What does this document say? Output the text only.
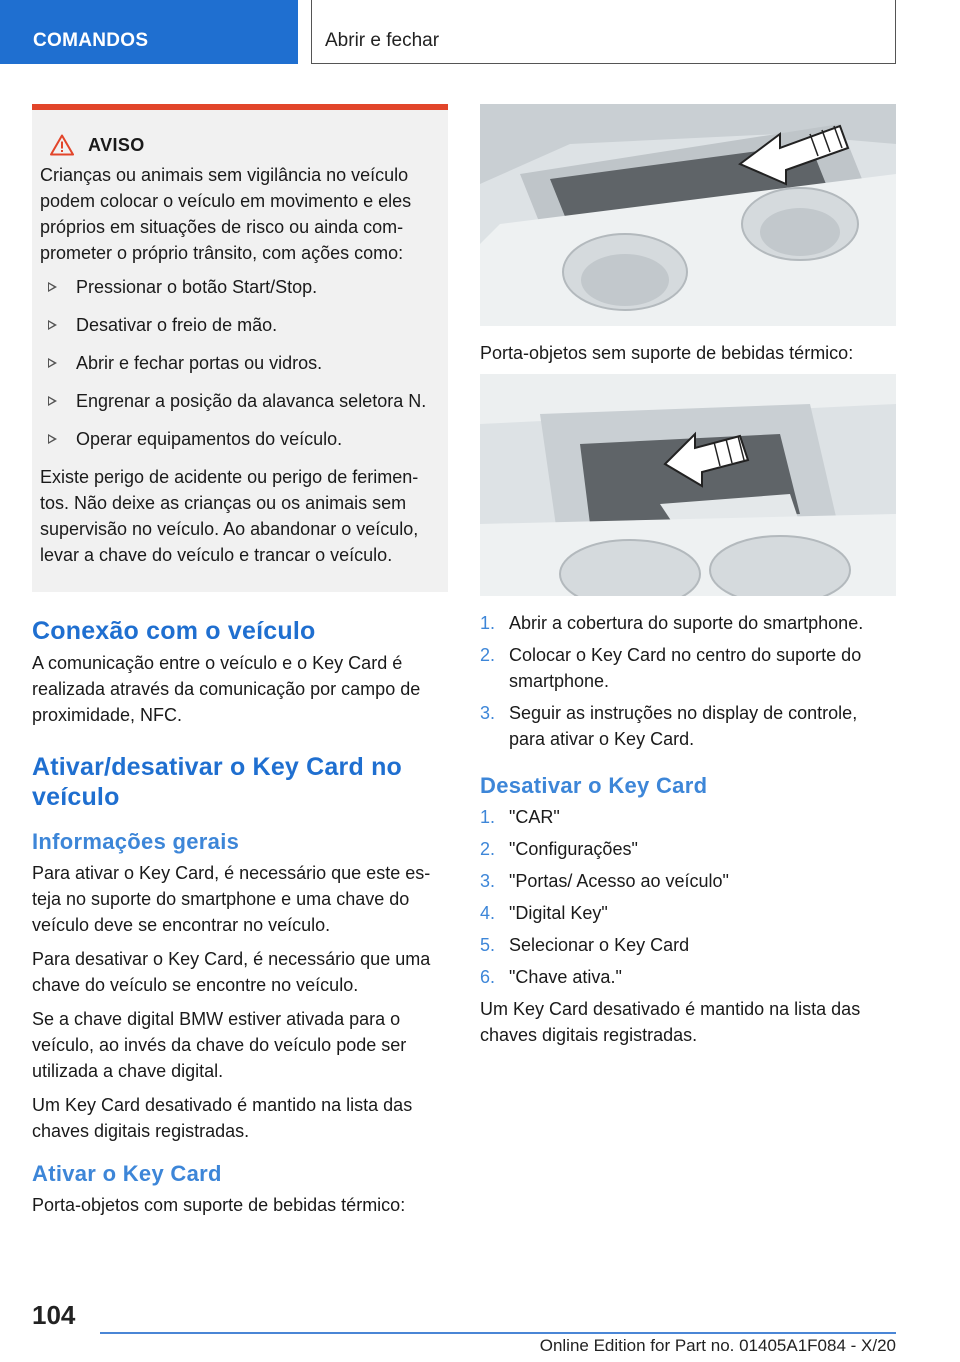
COMANDOS	Abrir e fechar
AVISO

Crianças ou animais sem vigilância no veículo podem colocar o veículo em movimento e eles próprios em situações de risco ou ainda com-prometer o próprio trânsito, com ações como:

Pressionar o botão Start/Stop.
Desativar o freio de mão.
Abrir e fechar portas ou vidros.
Engrenar a posição da alavanca seletora N.
Operar equipamentos do veículo.

Existe perigo de acidente ou perigo de ferimen-tos. Não deixe as crianças ou os animais sem supervisão no veículo. Ao abandonar o veículo, levar a chave do veículo e trancar o veículo.

Conexão com o veículo

A comunicação entre o veículo e o Key Card é realizada através da comunicação por campo de proximidade, NFC.

Ativar/desativar o Key Card no veículo
Informações gerais

Para ativar o Key Card, é necessário que este es-teja no suporte do smartphone e uma chave do veículo deve se encontrar no veículo.

Para desativar o Key Card, é necessário que uma chave do veículo se encontre no veículo.

Se a chave digital BMW estiver ativada para o veículo, ao invés da chave do veículo pode ser utilizada a chave digital.

Um Key Card desativado é mantido na lista das chaves digitais registradas.

Ativar o Key Card

Porta-objetos com suporte de bebidas térmico:

Porta-objetos sem suporte de bebidas térmico:

1. Abrir a cobertura do suporte do smartphone.
2. Colocar o Key Card no centro do suporte do smartphone.
3. Seguir as instruções no display de controle, para ativar o Key Card.
Desativar o Key Card
1. "CAR"
2. "Configurações"
3. "Portas/ Acesso ao veículo"
4. "Digital Key"
5. Selecionar o Key Card
6. "Chave ativa."

Um Key Card desativado é mantido na lista das chaves digitais registradas.

104
Online Edition for Part no. 01405A1F084 - X/20
